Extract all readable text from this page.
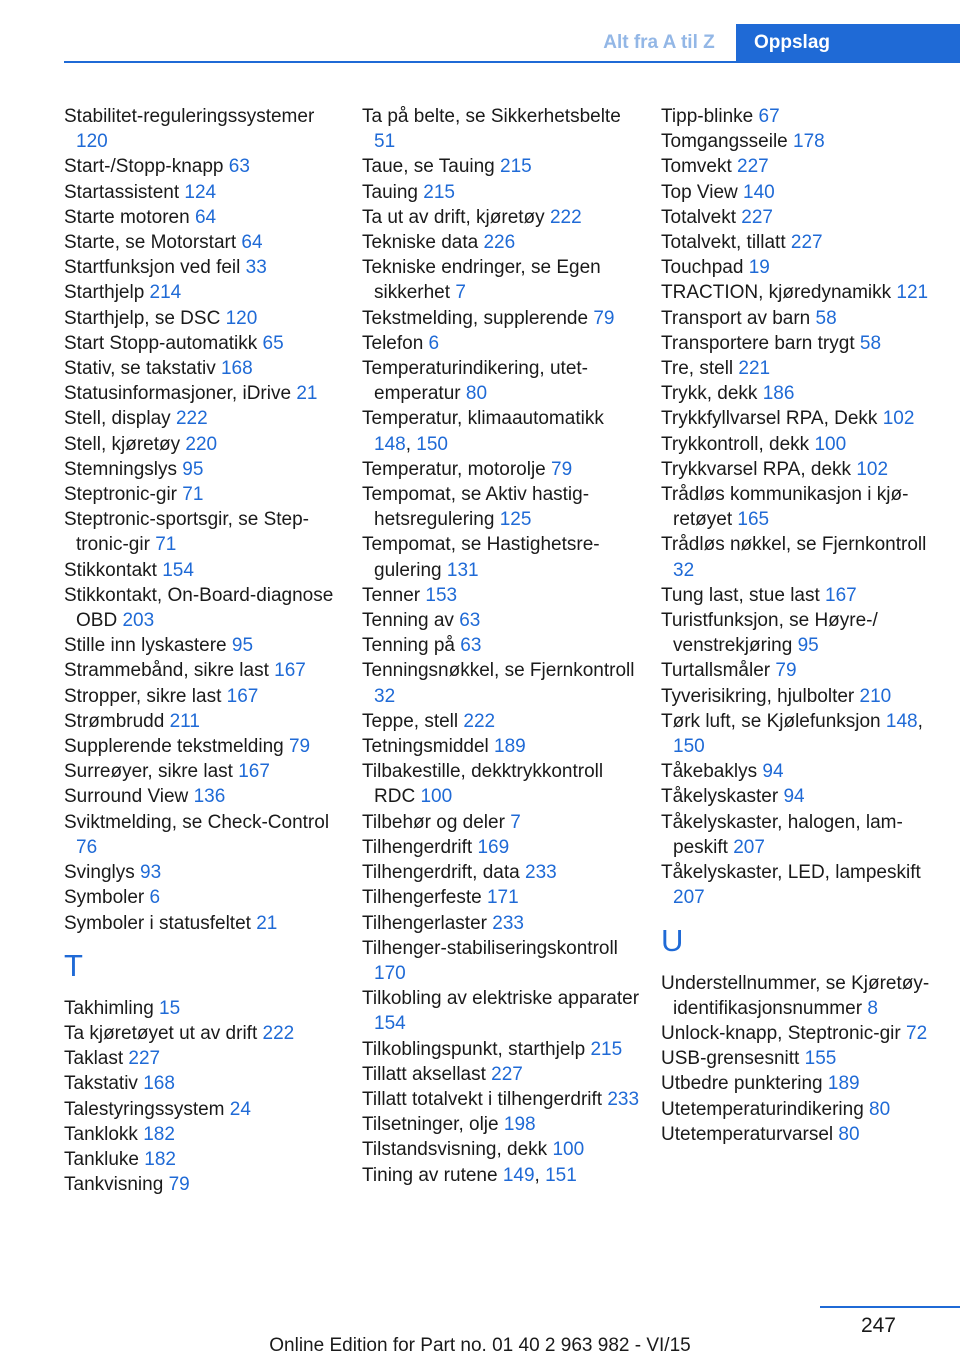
Alt fra A til Z	Oppslag
Stabilitet-reguleringssystemer 120
Start-/Stopp-knapp 63
Startassistent 124
Starte motoren 64
Starte, se Motorstart 64
Startfunksjon ved feil 33
Starthjelp 214
Starthjelp, se DSC 120
Start Stopp-automatikk 65
Stativ, se takstativ 168
Statusinformasjoner, iDrive 21
Stell, display 222
Stell, kjøretøy 220
Stemningslys 95
Steptronic-gir 71
Steptronic-sportsgir, se Steptronic-gir 71
Stikkontakt 154
Stikkontakt, On-Board-diagnose OBD 203
Stille inn lyskastere 95
Strammebånd, sikre last 167
Stropper, sikre last 167
Strømbrudd 211
Supplerende tekstmelding 79
Surreøyer, sikre last 167
Surround View 136
Sviktmelding, se Check-Control 76
Svinglys 93
Symboler 6
Symboler i statusfeltet 21
T
Takhimling 15
Ta kjøretøyet ut av drift 222
Taklast 227
Takstativ 168
Talestyringssystem 24
Tanklokk 182
Tankluke 182
Tankvisning 79
Ta på belte, se Sikkerhetsbelte 51
Taue, se Tauing 215
Tauing 215
Ta ut av drift, kjøretøy 222
Tekniske data 226
Tekniske endringer, se Egen sikkerhet 7
Tekstmelding, supplerende 79
Telefon 6
Temperaturindikering, utetemperatur 80
Temperatur, klimaautomatikk 148, 150
Temperatur, motorolje 79
Tempomat, se Aktiv hastighetsregulering 125
Tempomat, se Hastighetsregulering 131
Tenner 153
Tenning av 63
Tenning på 63
Tenningsnøkkel, se Fjernkontroll 32
Teppe, stell 222
Tetningsmiddel 189
Tilbakestille, dekktrykkontroll RDC 100
Tilbehør og deler 7
Tilhengerdrift 169
Tilhengerdrift, data 233
Tilhengerfeste 171
Tilhengerlaster 233
Tilhenger-stabiliseringskontroll 170
Tilkobling av elektriske apparater 154
Tilkoblingspunkt, starthjelp 215
Tillatt aksellast 227
Tillatt totalvekt i tilhengerdrift 233
Tilsetninger, olje 198
Tilstandsvisning, dekk 100
Tining av rutene 149, 151
Tipp-blinke 67
Tomgangsseile 178
Tomvekt 227
Top View 140
Totalvekt 227
Totalvekt, tillatt 227
Touchpad 19
TRACTION, kjøredynamikk 121
Transport av barn 58
Transportere barn trygt 58
Tre, stell 221
Trykk, dekk 186
Trykkfyllvarsel RPA, Dekk 102
Trykkontroll, dekk 100
Trykkvarsel RPA, dekk 102
Trådløs kommunikasjon i kjøretøyet 165
Trådløs nøkkel, se Fjernkontroll 32
Tung last, stue last 167
Turistfunksjon, se Høyre-/ venstrekjøring 95
Turtallsmåler 79
Tyverisikring, hjulbolter 210
Tørk luft, se Kjølefunksjon 148, 150
Tåkebaklys 94
Tåkelyskaster 94
Tåkelyskaster, halogen, lampeskift 207
Tåkelyskaster, LED, lampeskift 207
U
Understellnummer, se Kjøretøy-identifikasjonsnummer 8
Unlock-knapp, Steptronic-gir 72
USB-grensesnitt 155
Utbedre punktering 189
Utetemperaturindikering 80
Utetemperaturvarsel 80
247
Online Edition for Part no. 01 40 2 963 982 - VI/15
